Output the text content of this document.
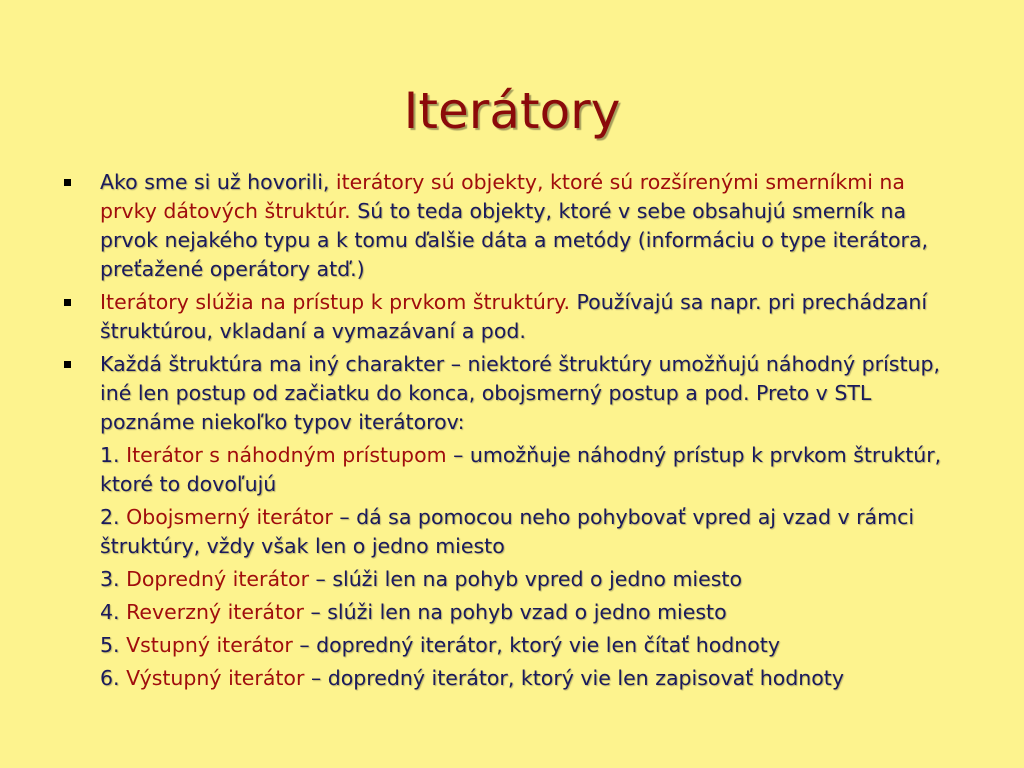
Iterátory
Ako sme si už hovorili, iterátory sú objekty, ktoré sú rozšírenými smerníkmi na prvky dátových štruktúr. Sú to teda objekty, ktoré v sebe obsahujú smerník na prvok nejakého typu a k tomu ďalšie dáta a metódy (informáciu o type iterátora, preťažené operátory atď.)
Iterátory slúžia na prístup k prvkom štruktúry. Používajú sa napr. pri prechádzaní štruktúrou, vkladaní a vymazávaní a pod.
Každá štruktúra ma iný charakter – niektoré štruktúry umožňujú náhodný prístup, iné len postup od začiatku do konca, obojsmerný postup a pod. Preto v STL poznáme niekoľko typov iterátorov:
1. Iterátor s náhodným prístupom – umožňuje náhodný prístup k prvkom štruktúr, ktoré to dovoľujú
2. Obojsmerný iterátor – dá sa pomocou neho pohybovať vpred aj vzad v rámci štruktúry, vždy však len o jedno miesto
3. Dopredný iterátor – slúži len na pohyb vpred o jedno miesto
4. Reverzný iterátor – slúži len na pohyb vzad o jedno miesto
5. Vstupný iterátor – dopredný iterátor, ktorý vie len čítať hodnoty
6. Výstupný iterátor – dopredný iterátor, ktorý vie len zapisovať hodnoty
